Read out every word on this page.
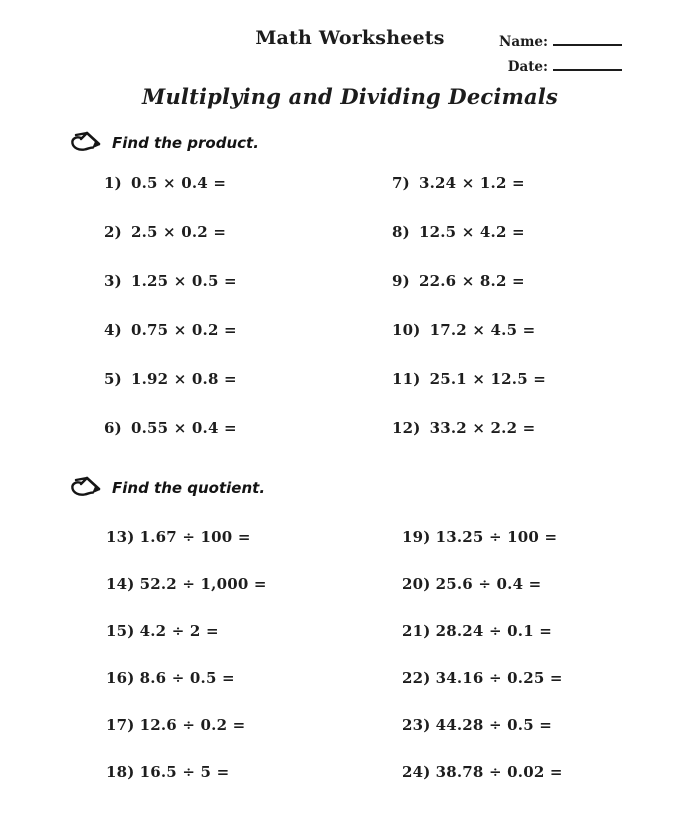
Math Worksheets	Name:
Date:
Multiplying and Dividing Decimals
Find the product.
1) 0.5 × 0.4 =
2) 2.5 × 0.2 =
3) 1.25 × 0.5 =
4) 0.75 × 0.2 =
5) 1.92 × 0.8 =
6) 0.55 × 0.4 =
7) 3.24 × 1.2 =
8) 12.5 × 4.2 =
9) 22.6 × 8.2 =
10) 17.2 × 4.5 =
11) 25.1 × 12.5 =
12) 33.2 × 2.2 =
Find the quotient.
13) 1.67 ÷ 100 =
14) 52.2 ÷ 1,000 =
15) 4.2 ÷ 2 =
16) 8.6 ÷ 0.5 =
17) 12.6 ÷ 0.2 =
18) 16.5 ÷ 5 =
19) 13.25 ÷ 100 =
20) 25.6 ÷ 0.4 =
21) 28.24 ÷ 0.1 =
22) 34.16 ÷ 0.25 =
23) 44.28 ÷ 0.5 =
24) 38.78 ÷ 0.02 =
